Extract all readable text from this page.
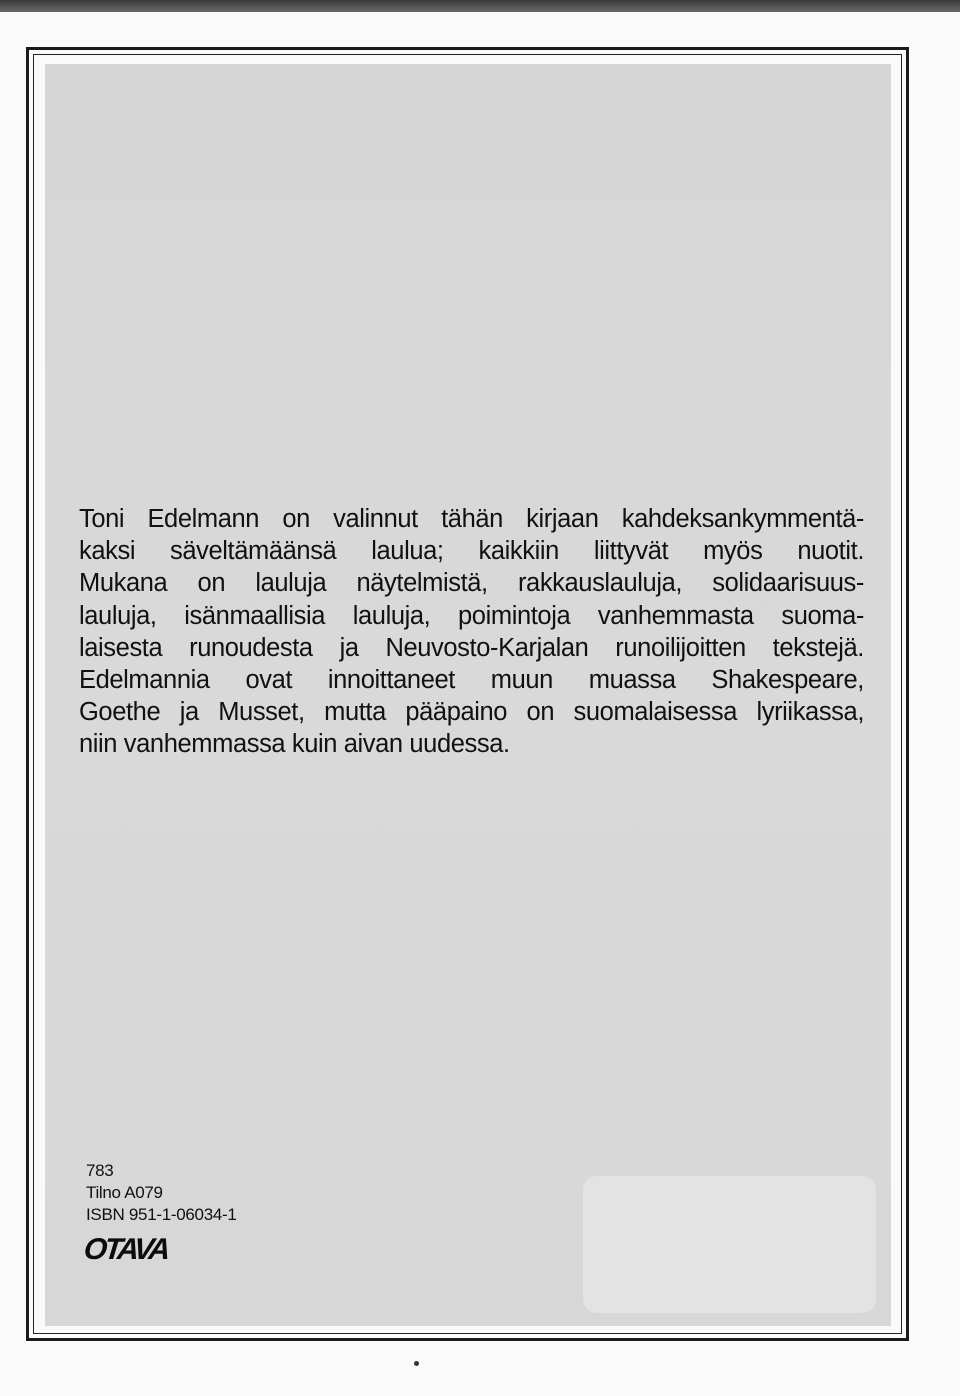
Toni Edelmann on valinnut tähän kirjaan kahdeksankymmentä-
kaksi säveltämäänsä laulua; kaikkiin liittyvät myös nuotit.
Mukana on lauluja näytelmistä, rakkauslauluja, solidaarisuus-
lauluja, isänmaallisia lauluja, poimintoja vanhemmasta suoma-
laisesta runoudesta ja Neuvosto-Karjalan runoilijoitten tekstejä.
Edelmannia ovat innoittaneet muun muassa Shakespeare,
Goethe ja Musset, mutta pääpaino on suomalaisessa lyriikassa,
niin vanhemmassa kuin aivan uudessa.

783
Tilno A079
ISBN 951-1-06034-1
OTAVA
